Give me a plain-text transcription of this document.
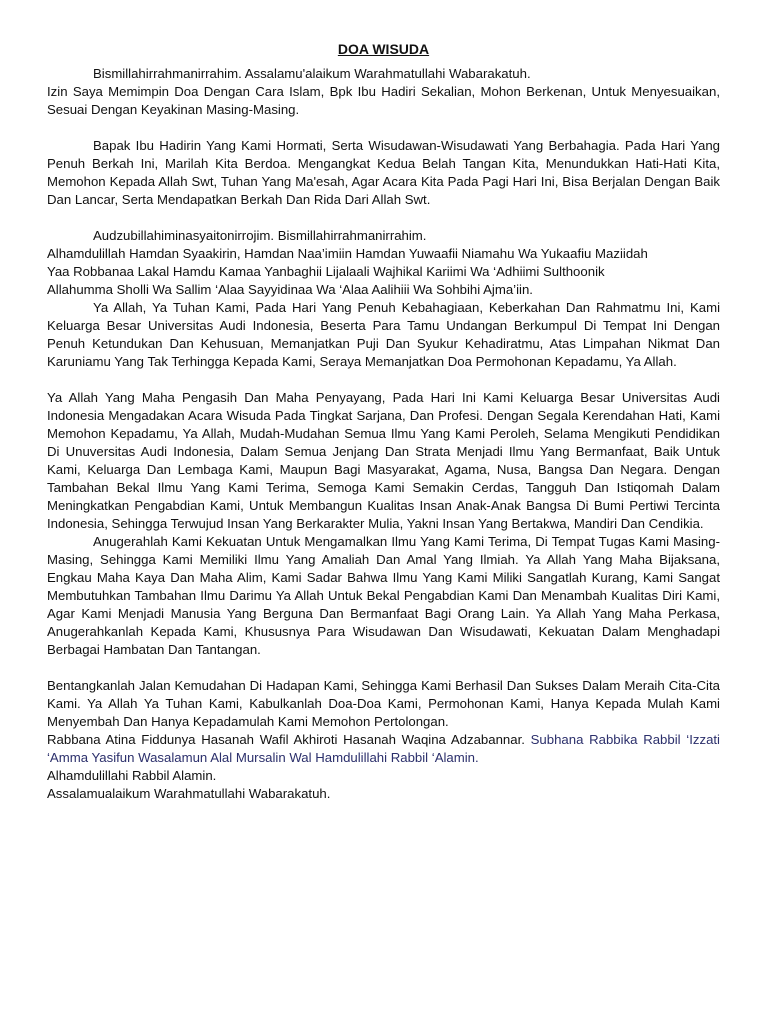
DOA WISUDA

Bismillahirrahmanirrahim. Assalamu'alaikum Warahmatullahi Wabarakatuh.

Izin Saya Memimpin Doa Dengan Cara Islam, Bpk Ibu Hadiri Sekalian, Mohon Berkenan, Untuk Menyesuaikan, Sesuai Dengan Keyakinan Masing-Masing.

Bapak Ibu Hadirin Yang Kami Hormati, Serta Wisudawan-Wisudawati Yang Berbahagia. Pada Hari Yang Penuh Berkah Ini, Marilah Kita Berdoa. Mengangkat Kedua Belah Tangan Kita, Menundukkan Hati-Hati Kita, Memohon Kepada Allah Swt, Tuhan Yang Ma'esah, Agar Acara Kita Pada Pagi Hari Ini, Bisa Berjalan Dengan Baik Dan Lancar, Serta Mendapatkan Berkah Dan Rida Dari Allah Swt.

Audzubillahiminasyaitonirrojim. Bismillahirrahmanirrahim.

Alhamdulillah Hamdan Syaakirin, Hamdan Naa’imiin Hamdan Yuwaafii Niamahu Wa Yukaafiu Maziidah

Yaa Robbanaa Lakal Hamdu Kamaa Yanbaghii Lijalaali Wajhikal Kariimi Wa ‘Adhiimi Sulthoonik

Allahumma Sholli Wa Sallim ‘Alaa Sayyidinaa Wa ‘Alaa Aalihiii Wa Sohbihi Ajma’iin.

Ya Allah, Ya Tuhan Kami, Pada Hari Yang Penuh Kebahagiaan, Keberkahan Dan Rahmatmu Ini, Kami Keluarga Besar Universitas Audi Indonesia, Beserta Para Tamu Undangan Berkumpul Di Tempat Ini Dengan Penuh Ketundukan Dan Kehusuan, Memanjatkan Puji Dan Syukur Kehadiratmu, Atas Limpahan Nikmat Dan Karuniamu Yang Tak Terhingga Kepada Kami, Seraya Memanjatkan Doa Permohonan Kepadamu, Ya Allah.

Ya Allah Yang Maha Pengasih Dan Maha Penyayang, Pada Hari Ini Kami Keluarga Besar Universitas Audi Indonesia Mengadakan Acara Wisuda Pada Tingkat Sarjana, Dan Profesi. Dengan Segala Kerendahan Hati, Kami Memohon Kepadamu, Ya Allah, Mudah-Mudahan Semua Ilmu Yang Kami Peroleh, Selama Mengikuti Pendidikan Di Unuversitas Audi Indonesia, Dalam Semua Jenjang Dan Strata Menjadi Ilmu Yang Bermanfaat, Baik Untuk Kami, Keluarga Dan Lembaga Kami, Maupun Bagi Masyarakat, Agama, Nusa, Bangsa Dan Negara. Dengan Tambahan Bekal Ilmu Yang Kami Terima, Semoga Kami Semakin Cerdas, Tangguh Dan Istiqomah Dalam Meningkatkan Pengabdian Kami, Untuk Membangun Kualitas Insan Anak-Anak Bangsa Di Bumi Pertiwi Tercinta Indonesia, Sehingga Terwujud Insan Yang Berkarakter Mulia, Yakni Insan Yang Bertakwa, Mandiri Dan Cendikia.

Anugerahlah Kami Kekuatan Untuk Mengamalkan Ilmu Yang Kami Terima, Di Tempat Tugas Kami Masing-Masing, Sehingga Kami Memiliki Ilmu Yang Amaliah Dan Amal Yang Ilmiah. Ya Allah Yang Maha Bijaksana, Engkau Maha Kaya Dan Maha Alim, Kami Sadar Bahwa Ilmu Yang Kami Miliki Sangatlah Kurang, Kami Sangat Membutuhkan Tambahan Ilmu Darimu Ya Allah Untuk Bekal Pengabdian Kami Dan Menambah Kualitas Diri Kami, Agar Kami Menjadi Manusia Yang Berguna Dan Bermanfaat Bagi Orang Lain. Ya Allah Yang Maha Perkasa, Anugerahkanlah Kepada Kami, Khususnya Para Wisudawan Dan Wisudawati, Kekuatan Dalam Menghadapi Berbagai Hambatan Dan Tantangan.

Bentangkanlah Jalan Kemudahan Di Hadapan Kami, Sehingga Kami Berhasil Dan Sukses Dalam Meraih Cita-Cita Kami. Ya Allah Ya Tuhan Kami, Kabulkanlah Doa-Doa Kami, Permohonan Kami, Hanya Kepada Mulah Kami Menyembah Dan Hanya Kepadamulah Kami Memohon Pertolongan.

Rabbana Atina Fiddunya Hasanah Wafil Akhiroti Hasanah Waqina Adzabannar. Subhana Rabbika Rabbil ‘Izzati ‘Amma Yasifun Wasalamun Alal Mursalin Wal Hamdulillahi Rabbil ‘Alamin.

Alhamdulillahi Rabbil Alamin.

Assalamualaikum Warahmatullahi Wabarakatuh.
